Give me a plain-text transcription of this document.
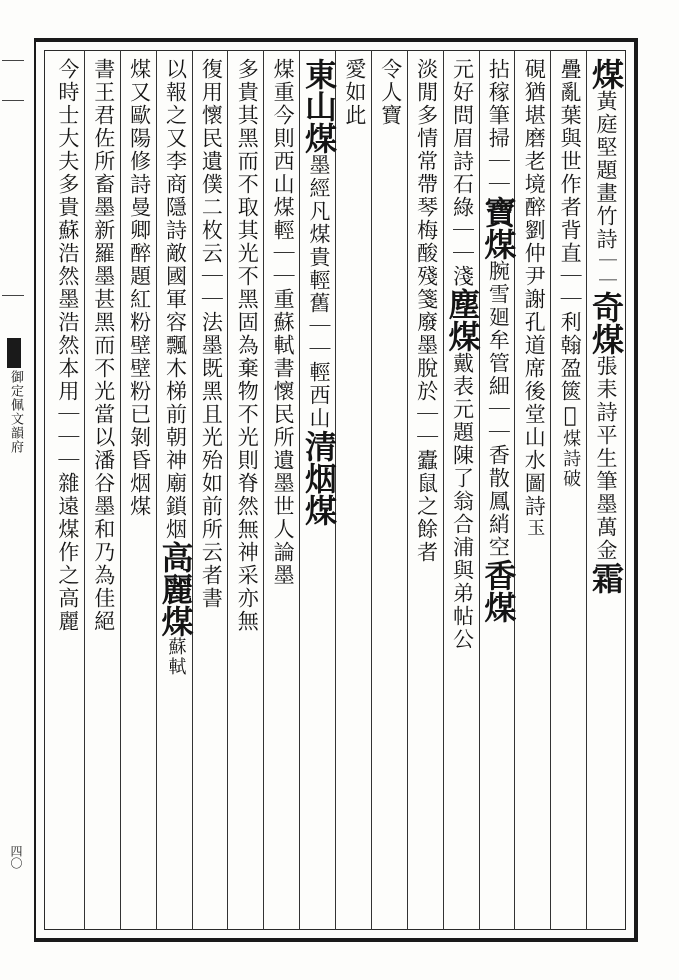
御定佩文韻府
四〇
煤黃庭堅題畫竹詩｜｜奇煤張耒詩平生筆墨萬金霜
疊亂葉與世作者背直｜｜利翰盈篋𢓨煤詩破
硯猶堪磨老境醉劉仲尹謝孔道席後堂山水圖詩玉
拈稼筆掃｜｜寶煤腕雪廻牟管細｜｜香散鳳綃空香煤
元好問眉詩石綠｜｜淺塵煤戴表元題陳了翁合浦與弟帖公
淡閒多情常帶琴梅酸殘箋廢墨脫於｜｜蠹鼠之餘者
令人寶
愛如此
東山煤墨經凡煤貴輕舊｜｜輕西山清烟煤
煤重今則西山煤輕｜｜重蘇軾書懷民所遺墨世人論墨
多貴其黑而不取其光不黑固為棄物不光則脊然無神采亦無
復用懷民遺僕二枚云｜｜法墨既黑且光殆如前所云者書
以報之又李商隱詩敵國軍容飄木梯前朝神廟鎖烟高麗煤蘇軾
煤又歐陽修詩曼卿醉題紅粉壁壁粉已剝昏烟煤
書王君佐所畜墨新羅墨甚黑而不光當以潘谷墨和乃為佳絕
今時士大夫多貴蘇浩然墨浩然本用｜｜｜雜遠煤作之高麗
